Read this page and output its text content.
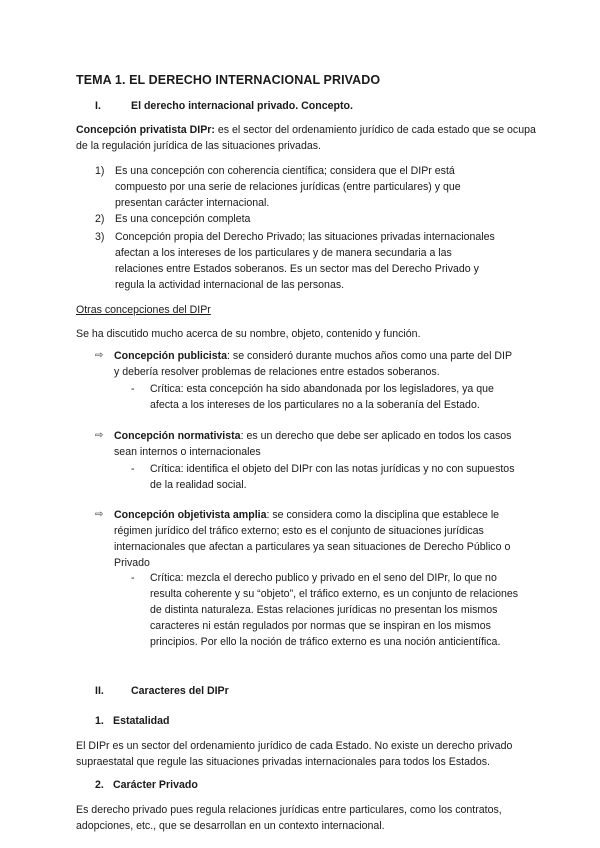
TEMA 1. EL DERECHO INTERNACIONAL PRIVADO
I.	El derecho internacional privado. Concepto.
Concepción privatista DIPr: es el sector del ordenamiento jurídico de cada estado que se ocupa de la regulación jurídica de las situaciones privadas.
1) Es una concepción con coherencia científica; considera que el DIPr está compuesto por una serie de relaciones jurídicas (entre particulares) y que presentan carácter internacional.
2) Es una concepción completa
3) Concepción propia del Derecho Privado; las situaciones privadas internacionales afectan a los intereses de los particulares y de manera secundaria a las relaciones entre Estados soberanos. Es un sector mas del Derecho Privado y regula la actividad internacional de las personas.
Otras concepciones del DIPr
Se ha discutido mucho acerca de su nombre, objeto, contenido y función.
⇨ Concepción publicista: se consideró durante muchos años como una parte del DIP y debería resolver problemas de relaciones entre estados soberanos.
- Crítica: esta concepción ha sido abandonada por los legisladores, ya que afecta a los intereses de los particulares no a la soberanía del Estado.
⇨ Concepción normativista: es un derecho que debe ser aplicado en todos los casos sean internos o internacionales
- Crítica: identifica el objeto del DIPr con las notas jurídicas y no con supuestos de la realidad social.
⇨ Concepción objetivista amplia: se considera como la disciplina que establece le régimen jurídico del tráfico externo; esto es el conjunto de situaciones jurídicas internacionales que afectan a particulares ya sean situaciones de Derecho Público o Privado
- Crítica: mezcla el derecho publico y privado en el seno del DIPr, lo que no resulta coherente y su “objeto”, el tráfico externo, es un conjunto de relaciones de distinta naturaleza. Estas relaciones jurídicas no presentan los mismos caracteres ni están regulados por normas que se inspiran en los mismos principios. Por ello la noción de tráfico externo es una noción anticientífica.
II.	Caracteres del DIPr
1. Estatalidad
El DIPr es un sector del ordenamiento jurídico de cada Estado. No existe un derecho privado supraestatal que regule las situaciones privadas internacionales para todos los Estados.
2. Carácter Privado
Es derecho privado pues regula relaciones jurídicas entre particulares, como los contratos, adopciones, etc., que se desarrollan en un contexto internacional.
